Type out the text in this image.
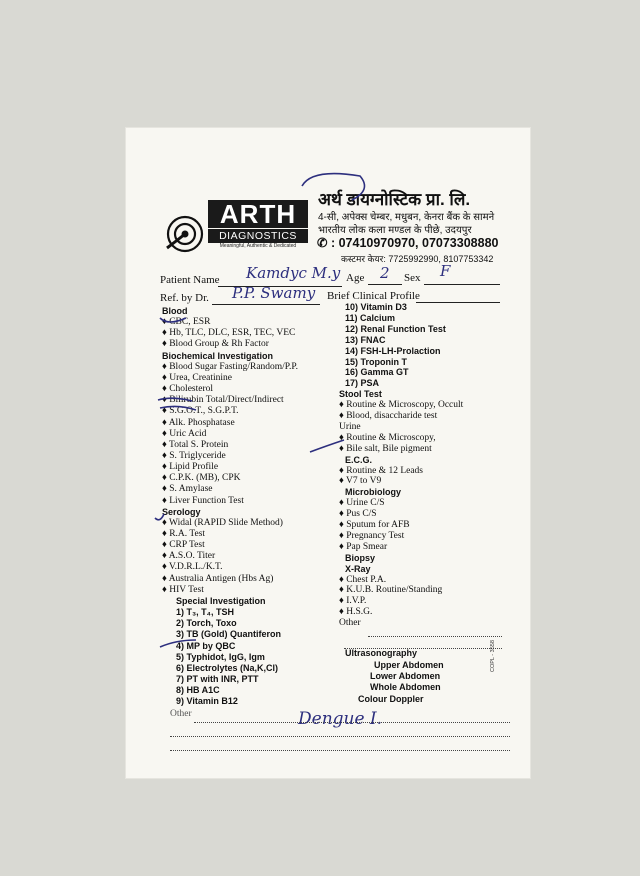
ARTH
DIAGNOSTICS
Meaningful, Authentic & Dedicated
अर्थ डायग्नोस्टिक प्रा. लि.
4-सी, अपेक्स चेम्बर, मधुबन, केनरा बैंक के सामने
भारतीय लोक कला मण्डल के पीछे, उदयपुर
✆ : 07410970970, 07073308880
कस्टमर केयर: 7725992990, 8107753342
Patient Name Kamdyc M.y Age 2 Sex F
Ref. by Dr. P.P. Swamy Brief Clinical Profile
Blood
♦ CBC, ESR
♦ Hb, TLC, DLC, ESR, TEC, VEC
♦ Blood Group & Rh Factor
Biochemical Investigation
♦ Blood Sugar Fasting/Random/P.P.
♦ Urea, Creatinine
♦ Cholesterol
♦ Bilirubin Total/Direct/Indirect
♦ S.G.O.T., S.G.P.T.
♦ Alk. Phosphatase
♦ Uric Acid
♦ Total S. Protein
♦ S. Triglyceride
♦ Lipid Profile
♦ C.P.K. (MB), CPK
♦ S. Amylase
♦ Liver Function Test
Serology
♦ Widal (RAPID Slide Method)
♦ R.A. Test
♦ CRP Test
♦ A.S.O. Titer
♦ V.D.R.L./K.T.
♦ Australia Antigen (Hbs Ag)
♦ HIV Test
Special Investigation
1) T₃, T₄, TSH
2) Torch, Toxo
3) TB (Gold) Quantiferon
4) MP by QBC
5) Typhidot, IgG, Igm
6) Electrolytes (Na,K,Cl)
7) PT with INR, PTT
8) HB A1C
9) Vitamin B12
10) Vitamin D3
11) Calcium
12) Renal Function Test
13) FNAC
14) FSH-LH-Prolaction
15) Troponin T
16) Gamma GT
17) PSA
Stool Test
♦ Routine & Microscopy, Occult
♦ Blood, disaccharide test
Urine
♦ Routine & Microscopy,
♦ Bile salt, Bile pigment
E.C.G.
♦ Routine & 12 Leads
♦ V7 to V9
Microbiology
♦ Urine C/S
♦ Pus C/S
♦ Sputum for AFB
♦ Pregnancy Test
♦ Pap Smear
Biopsy
X-Ray
♦ Chest P.A.
♦ K.U.B. Routine/Standing
♦ I.V.P.
♦ H.S.G.
Other
Ultrasonography
Upper Abdomen
Lower Abdomen
Whole Abdomen
Colour Doppler
COPL - 3558
Other	Dengue I.
